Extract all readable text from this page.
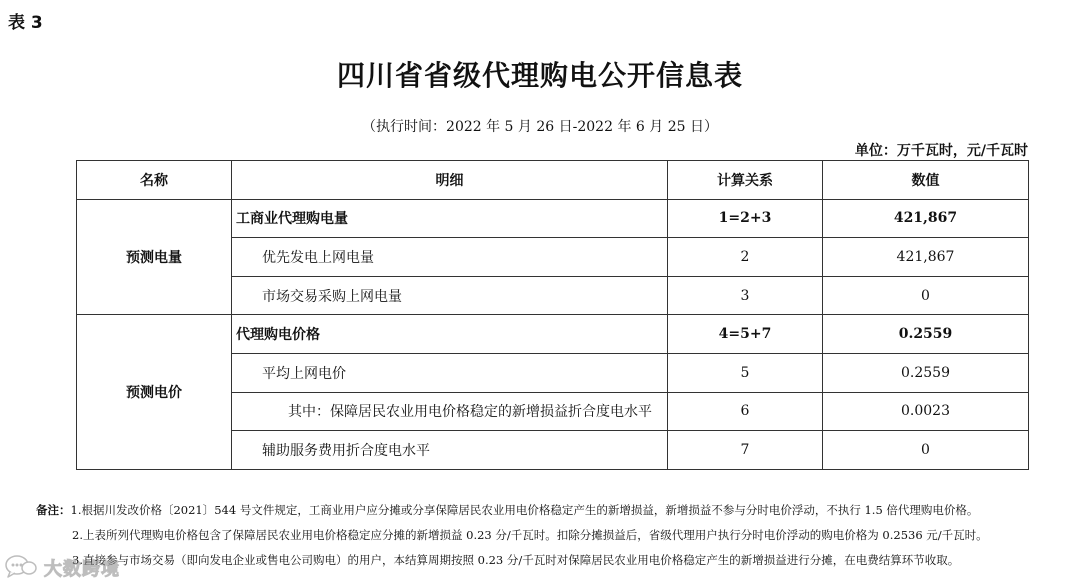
表 3
四川省省级代理购电公开信息表
（执行时间：2022 年 5 月 26 日-2022 年 6 月 25 日）
单位：万千瓦时，元/千瓦时
名称	明细	计算关系	数值
预测电量	工商业代理购电量	1=2+3	421,867
	优先发电上网电量	2	421,867
	市场交易采购上网电量	3	0
预测电价	代理购电价格	4=5+7	0.2559
	平均上网电价	5	0.2559
	其中：保障居民农业用电价格稳定的新增损益折合度电水平	6	0.0023
	辅助服务费用折合度电水平	7	0
备注：1.根据川发改价格〔2021〕544 号文件规定，工商业用户应分摊或分享保障居民农业用电价格稳定产生的新增损益，新增损益不参与分时电价浮动，不执行 1.5 倍代理购电价格。
2.上表所列代理购电价格包含了保障居民农业用电价格稳定应分摊的新增损益 0.23 分/千瓦时。扣除分摊损益后，省级代理用户执行分时电价浮动的购电价格为 0.2536 元/千瓦时。
3.直接参与市场交易（即向发电企业或售电公司购电）的用户，本结算周期按照 0.23 分/千瓦时对保障居民农业用电价格稳定产生的新增损益进行分摊，在电费结算环节收取。
大数跨境
